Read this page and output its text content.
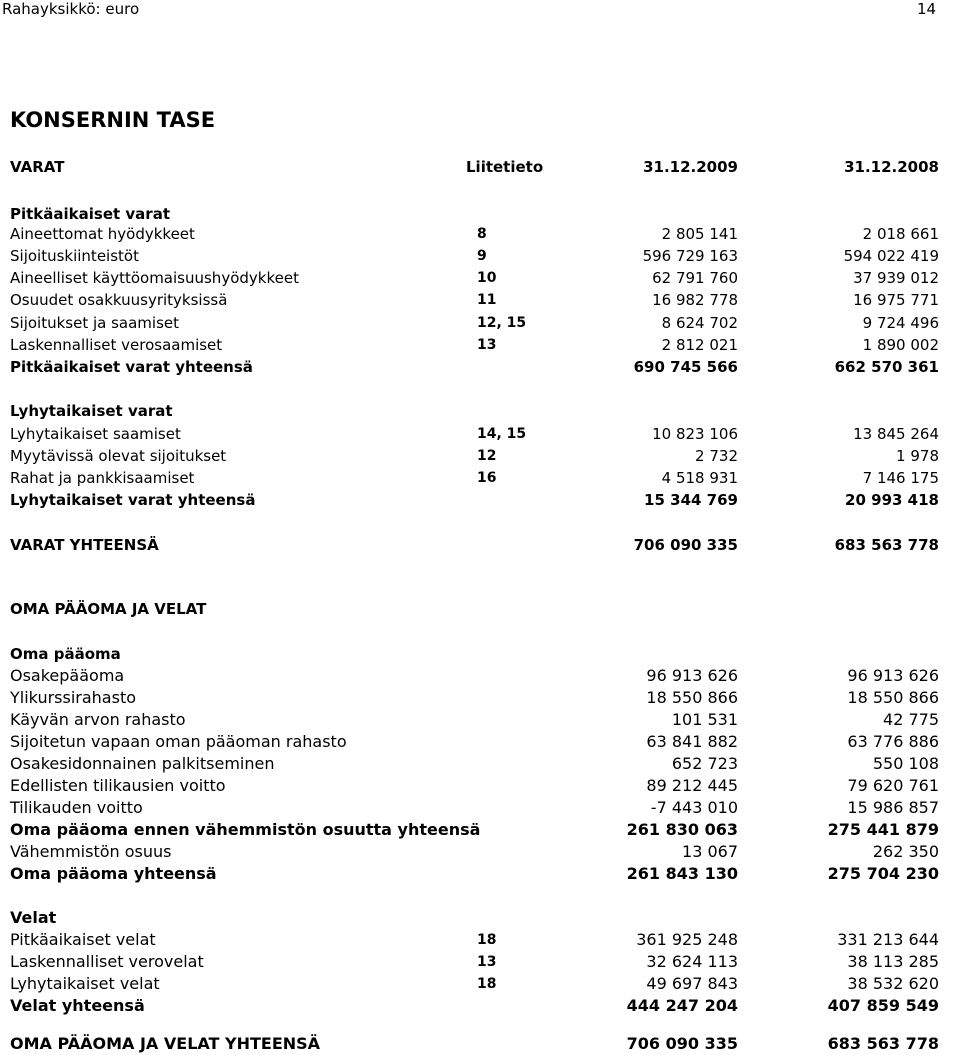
Rahayksikkö: euro	14
KONSERNIN TASE
VARAT	Liitetieto	31.12.2009	31.12.2008
Pitkäaikaiset varat
Aineettomat hyödykkeet	8	2 805 141	2 018 661
Sijoituskiinteistöt	9	596 729 163	594 022 419
Aineelliset käyttöomaisuushyödykkeet	10	62 791 760	37 939 012
Osuudet osakkuusyrityksissä	11	16 982 778	16 975 771
Sijoitukset ja saamiset	12, 15	8 624 702	9 724 496
Laskennalliset verosaamiset	13	2 812 021	1 890 002
Pitkäaikaiset varat yhteensä	690 745 566	662 570 361
Lyhytaikaiset varat
Lyhytaikaiset saamiset	14, 15	10 823 106	13 845 264
Myytävissä olevat sijoitukset	12	2 732	1 978
Rahat ja pankkisaamiset	16	4 518 931	7 146 175
Lyhytaikaiset varat yhteensä	15 344 769	20 993 418
VARAT YHTEENSÄ	706 090 335	683 563 778
OMA PÄÄOMA JA VELAT
Oma pääoma
Osakepääoma	96 913 626	96 913 626
Ylikurssirahasto	18 550 866	18 550 866
Käyvän arvon rahasto	101 531	42 775
Sijoitetun vapaan oman pääoman rahasto	63 841 882	63 776 886
Osakesidonnainen palkitseminen	652 723	550 108
Edellisten tilikausien voitto	89 212 445	79 620 761
Tilikauden voitto	-7 443 010	15 986 857
Oma pääoma ennen vähemmistön osuutta yhteensä	261 830 063	275 441 879
Vähemmistön osuus	13 067	262 350
Oma pääoma yhteensä	261 843 130	275 704 230
Velat
Pitkäaikaiset velat	18	361 925 248	331 213 644
Laskennalliset verovelat	13	32 624 113	38 113 285
Lyhytaikaiset velat	18	49 697 843	38 532 620
Velat yhteensä	444 247 204	407 859 549
OMA PÄÄOMA JA VELAT YHTEENSÄ	706 090 335	683 563 778
